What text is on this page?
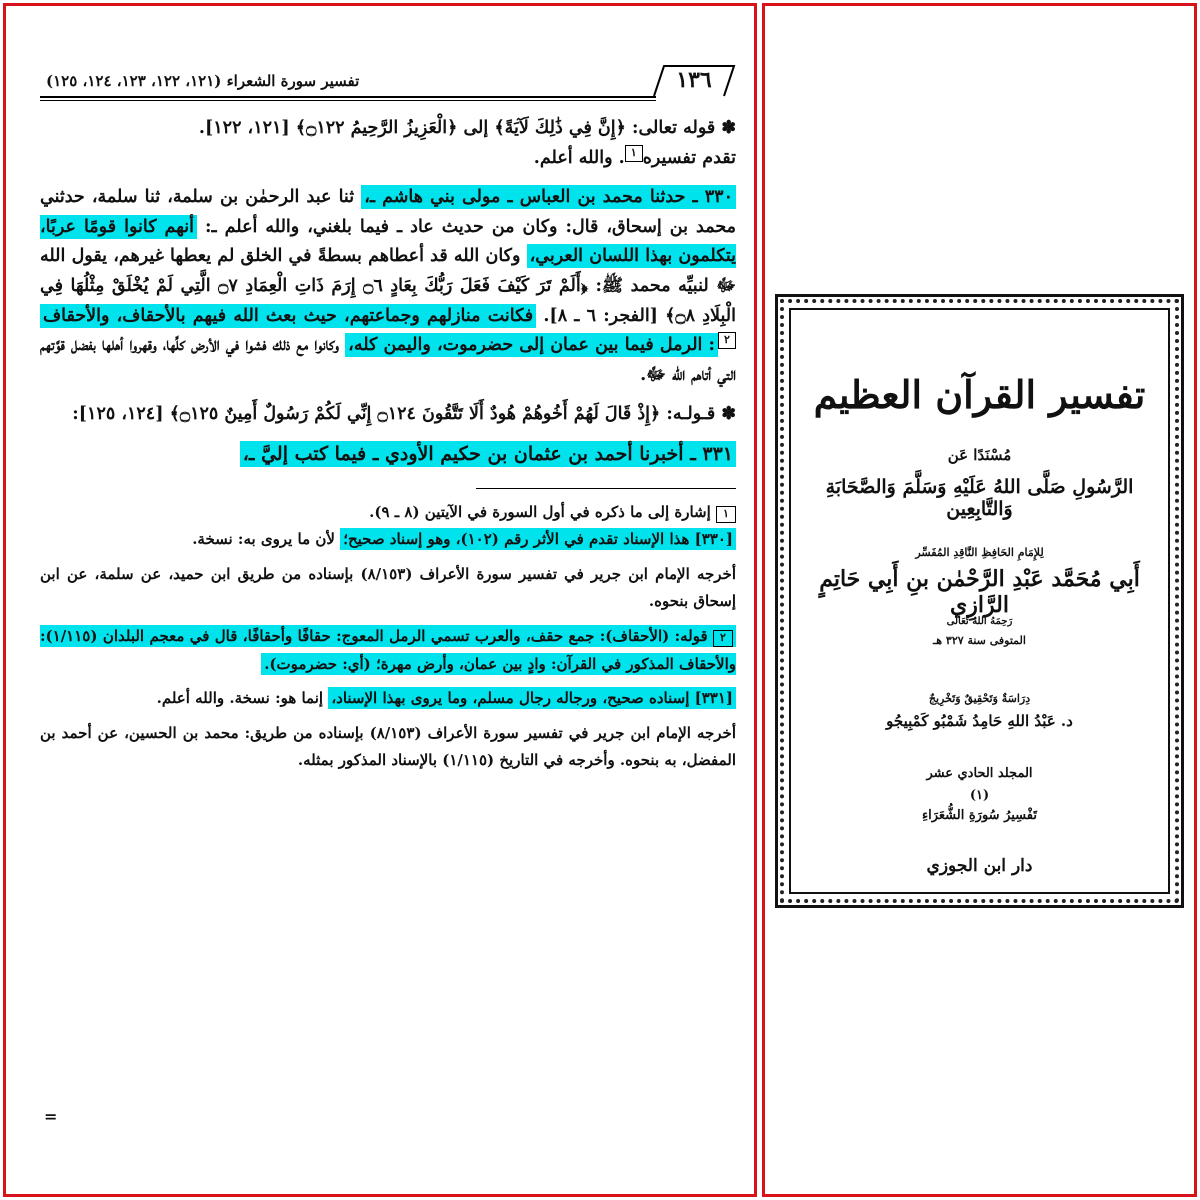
١٣٦
تفسير سورة الشعراء (١٢١، ١٢٢، ١٢٣، ١٢٤، ١٢٥)

✽ قوله تعالى: ﴿إِنَّ فِي ذَٰلِكَ لَآيَةً﴾ إلى ﴿الْعَزِيزُ الرَّحِيمُ ۝١٢٢﴾ [١٢١، ١٢٢].

تقدم تفسيره١. والله أعلم.

٣٣٠ ـ حدثنا محمد بن العباس ـ مولى بني هاشم ـ، ثنا عبد الرحمٰن بن سلمة، ثنا سلمة، حدثني محمد بن إسحاق، قال: وكان من حديث عاد ـ فيما بلغني، والله أعلم ـ: أنهم كانوا قومًا عربًا، يتكلمون بهذا اللسان العربي، وكان الله قد أعطاهم بسطةً في الخلق لم يعطها غيرهم، يقول الله ﷻ لنبيِّه محمد ﷺ: ﴿أَلَمْ تَرَ كَيْفَ فَعَلَ رَبُّكَ بِعَادٍ ۝٦ إِرَمَ ذَاتِ الْعِمَادِ ۝٧ الَّتِي لَمْ يُخْلَقْ مِثْلُهَا فِي الْبِلَادِ ۝٨﴾ [الفجر: ٦ ـ ٨]. فكانت منازلهم وجماعتهم، حيث بعث الله فيهم بالأحقاف، والأحقاف٢: الرمل فيما بين عمان إلى حضرموت، واليمن كله، وكانوا مع ذلك فشوا في الأرض كلِّها، وقهروا أهلها بفضل قوَّتهم التي أتاهم الله ﷻ.

✽ قـولـه: ﴿إِذْ قَالَ لَهُمْ أَخُوهُمْ هُودٌ أَلَا تَتَّقُونَ ۝١٢٤ إِنِّي لَكُمْ رَسُولٌ أَمِينٌ ۝١٢٥﴾ [١٢٤، ١٢٥]:

٣٣١ ـ أخبرنا أحمد بن عثمان بن حكيم الأودي ـ فيما كتب إليَّ ـ،

١ إشارة إلى ما ذكره في أول السورة في الآيتين (٨ ـ ٩).

[٣٣٠] هذا الإسناد تقدم في الأثر رقم (١٠٢)، وهو إسناد صحيح؛ لأن ما يروى به: نسخة.

أخرجه الإمام ابن جرير في تفسير سورة الأعراف (٨/١٥٣) بإسناده من طريق ابن حميد، عن سلمة، عن ابن إسحاق بنحوه.

٢ قوله: (الأحقاف): جمع حقف، والعرب تسمي الرمل المعوج: حقافًا وأحقافًا، قال في معجم البلدان (١/١١٥): والأحقاف المذكور في القرآن: وادٍ بين عمان، وأرض مهرة؛ (أي: حضرموت).

[٣٣١] إسناده صحيح، ورجاله رجال مسلم، وما يروى بهذا الإسناد، إنما هو: نسخة. والله أعلم.

أخرجه الإمام ابن جرير في تفسير سورة الأعراف (٨/١٥٣) بإسناده من طريق: محمد بن الحسين، عن أحمد بن المفضل، به بنحوه. وأخرجه في التاريخ (١/١١٥) بالإسناد المذكور بمثله.

=
تفسير القرآن العظيم
مُسْنَدًا عَن
الرَّسُولِ صَلَّى اللهُ عَلَيْهِ وَسَلَّمَ وَالصَّحَابَةِ وَالتَّابِعِين
لِلإِمَامِ الحَافِظِ النَّاقِدِ المُفَسِّر
أَبِي مُحَمَّد عَبْدِ الرَّحْمٰن بنِ أَبِي حَاتِمٍ الرَّازِي
رَحِمَهُ اللهُ تَعَالَى
المتوفى سنة ٣٢٧ هـ
دِرَاسَةٌ وَتَحْقِيقٌ وَتَخْرِيجٌ
د. عَبْدُ اللهِ حَامِدُ شَمْبُو كَمْبِيجُو
المجلد الحادي عشر
(١)
تَفْسِيرُ سُورَةِ الشُّعَرَاءِ
دار ابن الجوزي
